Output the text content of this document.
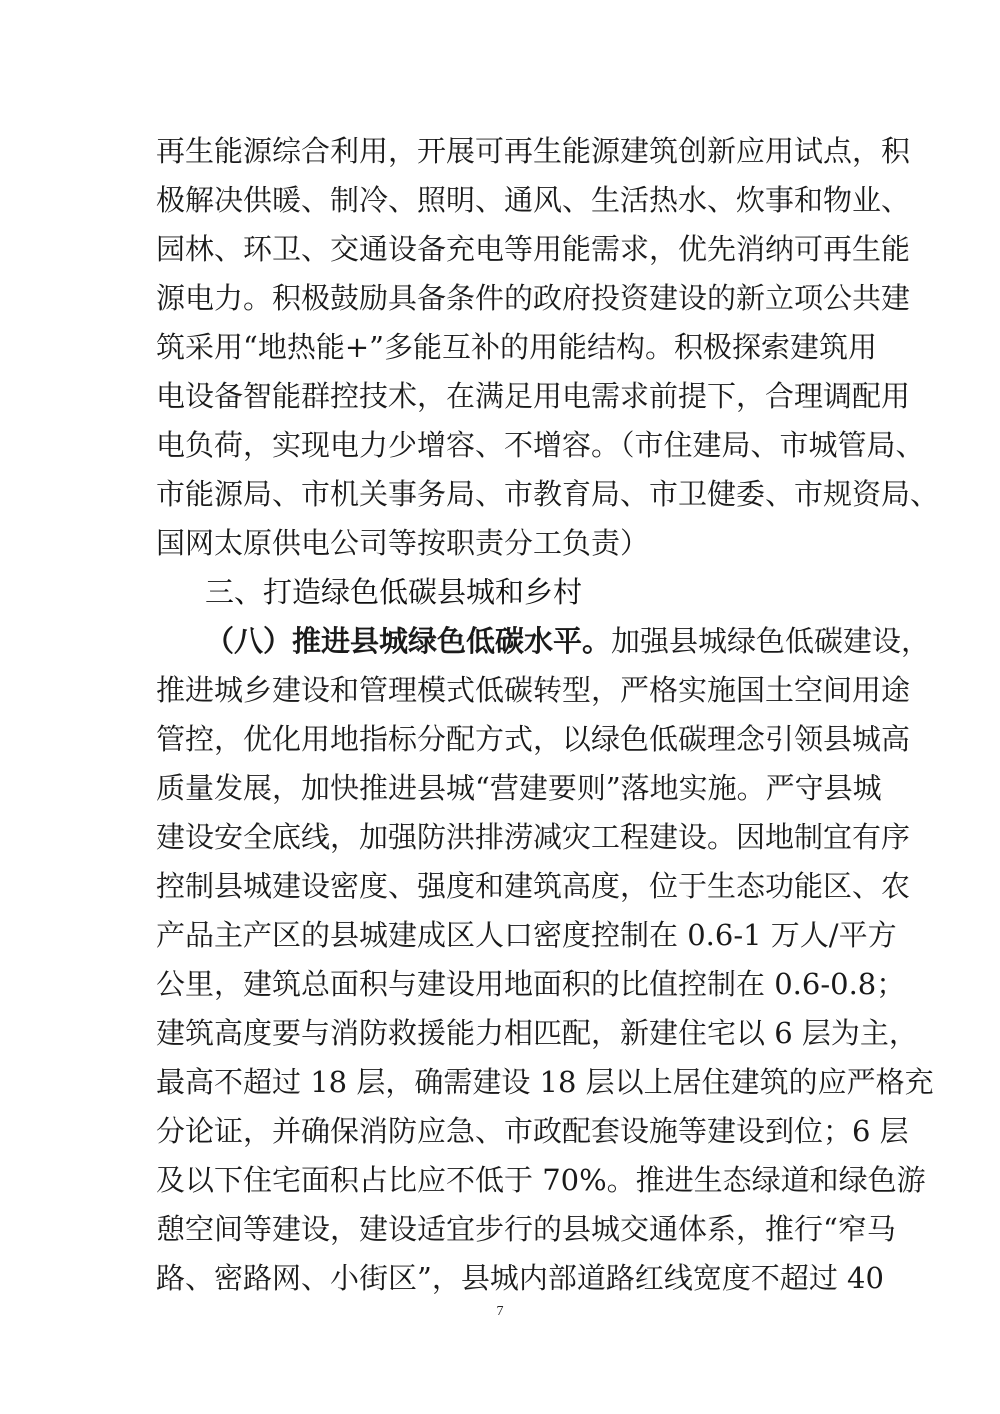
再生能源综合利用，开展可再生能源建筑创新应用试点，积
极解决供暖、制冷、照明、通风、生活热水、炊事和物业、
园林、环卫、交通设备充电等用能需求，优先消纳可再生能
源电力。积极鼓励具备条件的政府投资建设的新立项公共建
筑采用“地热能+”多能互补的用能结构。积极探索建筑用
电设备智能群控技术，在满足用电需求前提下，合理调配用
电负荷，实现电力少增容、不增容。（市住建局、市城管局、
市能源局、市机关事务局、市教育局、市卫健委、市规资局、
国网太原供电公司等按职责分工负责）
三、打造绿色低碳县城和乡村
（八）推进县城绿色低碳水平。加强县城绿色低碳建设，
推进城乡建设和管理模式低碳转型，严格实施国土空间用途
管控，优化用地指标分配方式，以绿色低碳理念引领县城高
质量发展，加快推进县城“营建要则”落地实施。严守县城
建设安全底线，加强防洪排涝减灾工程建设。因地制宜有序
控制县城建设密度、强度和建筑高度，位于生态功能区、农
产品主产区的县城建成区人口密度控制在 0.6-1 万人/平方
公里，建筑总面积与建设用地面积的比值控制在 0.6-0.8；
建筑高度要与消防救援能力相匹配，新建住宅以 6 层为主，
最高不超过 18 层，确需建设 18 层以上居住建筑的应严格充
分论证，并确保消防应急、市政配套设施等建设到位；6 层
及以下住宅面积占比应不低于 70%。推进生态绿道和绿色游
憩空间等建设，建设适宜步行的县城交通体系，推行“窄马
路、密路网、小街区”，县城内部道路红线宽度不超过 40
7
